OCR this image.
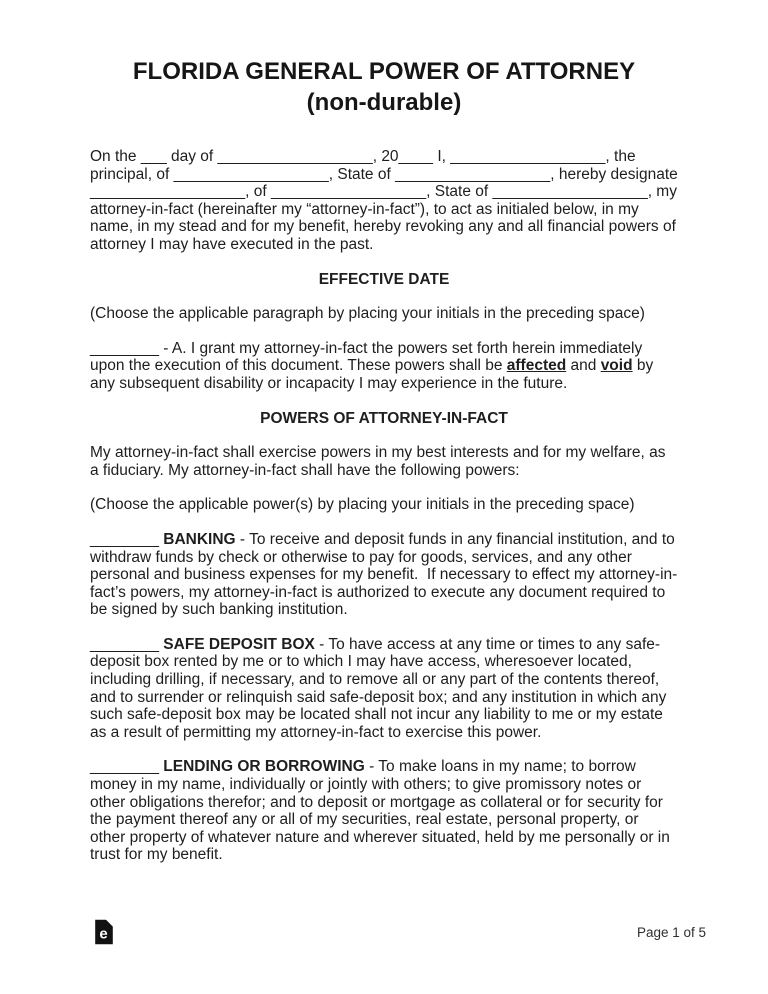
FLORIDA GENERAL POWER OF ATTORNEY
(non-durable)

On the ___ day of __________________, 20____ I, __________________, the principal, of __________________, State of __________________, hereby designate __________________, of __________________, State of __________________, my attorney-in-fact (hereinafter my “attorney-in-fact”), to act as initialed below, in my name, in my stead and for my benefit, hereby revoking any and all financial powers of attorney I may have executed in the past.

EFFECTIVE DATE

(Choose the applicable paragraph by placing your initials in the preceding space)

________ - A. I grant my attorney-in-fact the powers set forth herein immediately upon the execution of this document. These powers shall be affected and void by any subsequent disability or incapacity I may experience in the future.

POWERS OF ATTORNEY-IN-FACT

My attorney-in-fact shall exercise powers in my best interests and for my welfare, as a fiduciary. My attorney-in-fact shall have the following powers:

(Choose the applicable power(s) by placing your initials in the preceding space)

________ BANKING - To receive and deposit funds in any financial institution, and to withdraw funds by check or otherwise to pay for goods, services, and any other personal and business expenses for my benefit.  If necessary to effect my attorney-in-fact’s powers, my attorney-in-fact is authorized to execute any document required to be signed by such banking institution.

________ SAFE DEPOSIT BOX - To have access at any time or times to any safe-deposit box rented by me or to which I may have access, wheresoever located, including drilling, if necessary, and to remove all or any part of the contents thereof, and to surrender or relinquish said safe-deposit box; and any institution in which any such safe-deposit box may be located shall not incur any liability to me or my estate as a result of permitting my attorney-in-fact to exercise this power.

________ LENDING OR BORROWING - To make loans in my name; to borrow money in my name, individually or jointly with others; to give promissory notes or other obligations therefor; and to deposit or mortgage as collateral or for security for the payment thereof any or all of my securities, real estate, personal property, or other property of whatever nature and wherever situated, held by me personally or in trust for my benefit.

e	Page 1 of 5
